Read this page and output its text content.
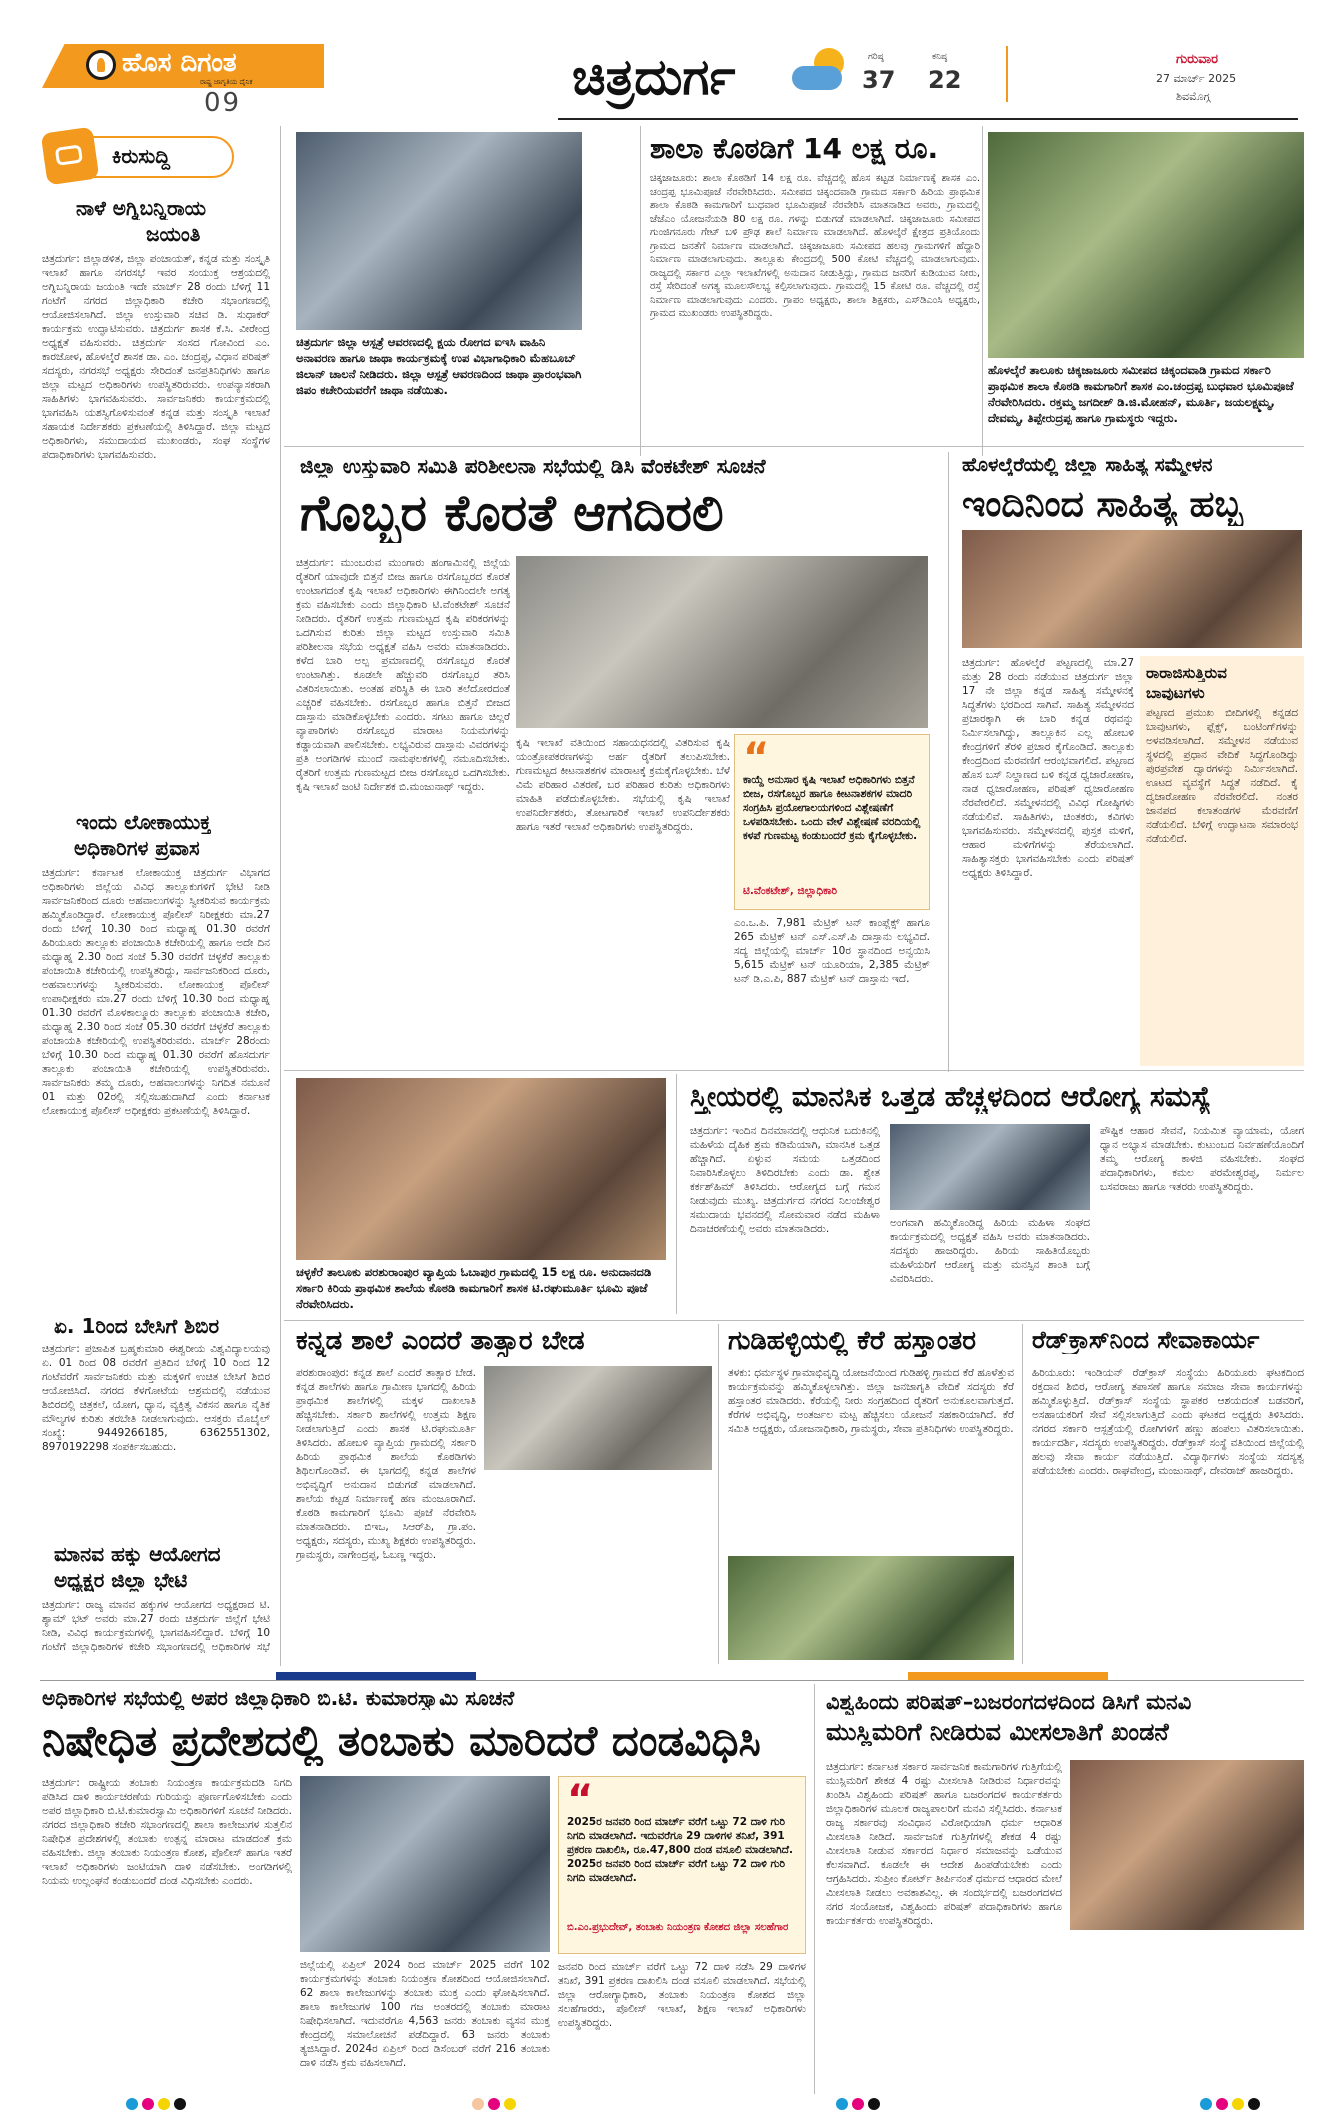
ಹೊಸ ದಿಗಂತ
ರಾಷ್ಟ್ರ ಜಾಗೃತಿಯ ದೈನಿಕ
09	ಚಿತ್ರದುರ್ಗ	ಗರಿಷ್ಠ
37
ಕನಿಷ್ಠ
22
ಗುರುವಾರ
27 ಮಾರ್ಚ್ 2025
ಶಿವಮೊಗ್ಗ
ಕಿರುಸುದ್ದಿ
ನಾಳೆ ಅಗ್ನಿಬನ್ನಿರಾಯ
ಜಯಂತಿ
ಚಿತ್ರದುರ್ಗ: ಜಿಲ್ಲಾಡಳಿತ, ಜಿಲ್ಲಾ ಪಂಚಾಯತ್, ಕನ್ನಡ ಮತ್ತು ಸಂಸ್ಕೃತಿ ಇಲಾಖೆ ಹಾಗೂ ನಗರಸಭೆ ಇವರ ಸಂಯುಕ್ತ ಆಶ್ರಯದಲ್ಲಿ ಅಗ್ನಿಬನ್ನಿರಾಯ ಜಯಂತಿ ಇದೇ ಮಾರ್ಚ್ 28 ರಂದು ಬೆಳಿಗ್ಗೆ 11 ಗಂಟೆಗೆ ನಗರದ ಜಿಲ್ಲಾಧಿಕಾರಿ ಕಚೇರಿ ಸಭಾಂಗಣದಲ್ಲಿ ಆಯೋಜಿಸಲಾಗಿದೆ. ಜಿಲ್ಲಾ ಉಸ್ತುವಾರಿ ಸಚಿವ ಡಿ. ಸುಧಾಕರ್ ಕಾರ್ಯಕ್ರಮ ಉದ್ಘಾಟಿಸುವರು. ಚಿತ್ರದುರ್ಗ ಶಾಸಕ ಕೆ.ಸಿ. ವೀರೇಂದ್ರ ಅಧ್ಯಕ್ಷತೆ ವಹಿಸುವರು. ಚಿತ್ರದುರ್ಗ ಸಂಸದ ಗೋವಿಂದ ಎಂ. ಕಾರಜೋಳ, ಹೊಳಲ್ಕೆರೆ ಶಾಸಕ ಡಾ. ಎಂ. ಚಂದ್ರಪ್ಪ, ವಿಧಾನ ಪರಿಷತ್ ಸದಸ್ಯರು, ನಗರಸಭೆ ಅಧ್ಯಕ್ಷರು ಸೇರಿದಂತೆ ಜನಪ್ರತಿನಿಧಿಗಳು ಹಾಗೂ ಜಿಲ್ಲಾ ಮಟ್ಟದ ಅಧಿಕಾರಿಗಳು ಉಪಸ್ಥಿತರಿರುವರು. ಉಪನ್ಯಾಸಕರಾಗಿ ಸಾಹಿತಿಗಳು ಭಾಗವಹಿಸುವರು. ಸಾರ್ವಜನಿಕರು ಕಾರ್ಯಕ್ರಮದಲ್ಲಿ ಭಾಗವಹಿಸಿ ಯಶಸ್ವಿಗೊಳಿಸುವಂತೆ ಕನ್ನಡ ಮತ್ತು ಸಂಸ್ಕೃತಿ ಇಲಾಖೆ ಸಹಾಯಕ ನಿರ್ದೇಶಕರು ಪ್ರಕಟಣೆಯಲ್ಲಿ ತಿಳಿಸಿದ್ದಾರೆ. ಜಿಲ್ಲಾ ಮಟ್ಟದ ಅಧಿಕಾರಿಗಳು, ಸಮುದಾಯದ ಮುಖಂಡರು, ಸಂಘ ಸಂಸ್ಥೆಗಳ ಪದಾಧಿಕಾರಿಗಳು ಭಾಗವಹಿಸುವರು.
ಇಂದು ಲೋಕಾಯುಕ್ತ
ಅಧಿಕಾರಿಗಳ ಪ್ರವಾಸ
ಚಿತ್ರದುರ್ಗ: ಕರ್ನಾಟಕ ಲೋಕಾಯುಕ್ತ ಚಿತ್ರದುರ್ಗ ವಿಭಾಗದ ಅಧಿಕಾರಿಗಳು ಜಿಲ್ಲೆಯ ವಿವಿಧ ತಾಲ್ಲೂಕುಗಳಿಗೆ ಭೇಟಿ ನೀಡಿ ಸಾರ್ವಜನಿಕರಿಂದ ದೂರು ಅಹವಾಲುಗಳನ್ನು ಸ್ವೀಕರಿಸುವ ಕಾರ್ಯಕ್ರಮ ಹಮ್ಮಿಕೊಂಡಿದ್ದಾರೆ. ಲೋಕಾಯುಕ್ತ ಪೊಲೀಸ್ ನಿರೀಕ್ಷಕರು ಮಾ.27 ರಂದು ಬೆಳಿಗ್ಗೆ 10.30 ರಿಂದ ಮಧ್ಯಾಹ್ನ 01.30 ರವರೆಗೆ ಹಿರಿಯೂರು ತಾಲ್ಲೂಕು ಪಂಚಾಯಿತಿ ಕಚೇರಿಯಲ್ಲಿ ಹಾಗೂ ಅದೇ ದಿನ ಮಧ್ಯಾಹ್ನ 2.30 ರಿಂದ ಸಂಜೆ 5.30 ರವರೆಗೆ ಚಳ್ಳಕೆರೆ ತಾಲ್ಲೂಕು ಪಂಚಾಯಿತಿ ಕಚೇರಿಯಲ್ಲಿ ಉಪಸ್ಥಿತರಿದ್ದು, ಸಾರ್ವಜನಿಕರಿಂದ ದೂರು, ಅಹವಾಲುಗಳನ್ನು ಸ್ವೀಕರಿಸುವರು. ಲೋಕಾಯುಕ್ತ ಪೊಲೀಸ್ ಉಪಾಧೀಕ್ಷಕರು ಮಾ.27 ರಂದು ಬೆಳಿಗ್ಗೆ 10.30 ರಿಂದ ಮಧ್ಯಾಹ್ನ 01.30 ರವರೆಗೆ ಮೊಳಕಾಲ್ಮೂರು ತಾಲ್ಲೂಕು ಪಂಚಾಯಿತಿ ಕಚೇರಿ, ಮಧ್ಯಾಹ್ನ 2.30 ರಿಂದ ಸಂಜೆ 05.30 ರವರೆಗೆ ಚಳ್ಳಕೆರೆ ತಾಲ್ಲೂಕು ಪಂಚಾಯತಿ ಕಚೇರಿಯಲ್ಲಿ ಉಪಸ್ಥಿತರಿರುವರು. ಮಾರ್ಚ್ 28ರಂದು ಬೆಳಿಗ್ಗೆ 10.30 ರಿಂದ ಮಧ್ಯಾಹ್ನ 01.30 ರವರೆಗೆ ಹೊಸದುರ್ಗ ತಾಲ್ಲೂಕು ಪಂಚಾಯಿತಿ ಕಚೇರಿಯಲ್ಲಿ ಉಪಸ್ಥಿತರಿರುವರು. ಸಾರ್ವಜನಿಕರು ತಮ್ಮ ದೂರು, ಅಹವಾಲುಗಳನ್ನು ನಿಗದಿತ ನಮೂನೆ 01 ಮತ್ತು 02ರಲ್ಲಿ ಸಲ್ಲಿಸಬಹುದಾಗಿದೆ ಎಂದು ಕರ್ನಾಟಕ ಲೋಕಾಯುಕ್ತ ಪೊಲೀಸ್ ಅಧೀಕ್ಷಕರು ಪ್ರಕಟಣೆಯಲ್ಲಿ ತಿಳಿಸಿದ್ದಾರೆ.
ಏ. 1ರಿಂದ ಬೇಸಿಗೆ ಶಿಬಿರ
ಚಿತ್ರದುರ್ಗ: ಪ್ರಜಾಪಿತ ಬ್ರಹ್ಮಕುಮಾರಿ ಈಶ್ವರೀಯ ವಿಶ್ವವಿದ್ಯಾಲಯವು ಏ. 01 ರಿಂದ 08 ರವರೆಗೆ ಪ್ರತಿದಿನ ಬೆಳಿಗ್ಗೆ 10 ರಿಂದ 12 ಗಂಟೆವರೆಗೆ ಸಾರ್ವಜನಿಕರು ಮತ್ತು ಮಕ್ಕಳಿಗೆ ಉಚಿತ ಬೇಸಿಗೆ ಶಿಬಿರ ಆಯೋಜಿಸಿದೆ. ನಗರದ ಕೆಳಗೋಟೆಯ ಆಶ್ರಮದಲ್ಲಿ ನಡೆಯುವ ಶಿಬಿರದಲ್ಲಿ ಚಿತ್ರಕಲೆ, ಯೋಗ, ಧ್ಯಾನ, ವ್ಯಕ್ತಿತ್ವ ವಿಕಸನ ಹಾಗೂ ನೈತಿಕ ಮೌಲ್ಯಗಳ ಕುರಿತು ತರಬೇತಿ ನೀಡಲಾಗುವುದು. ಆಸಕ್ತರು ಮೊಬೈಲ್ ಸಂಖ್ಯೆ: 9449266185, 6362551302, 8970192298 ಸಂಪರ್ಕಿಸಬಹುದು.
ಮಾನವ ಹಕ್ಕು ಆಯೋಗದ
ಅಧ್ಯಕ್ಷರ ಜಿಲ್ಲಾ ಭೇಟಿ
ಚಿತ್ರದುರ್ಗ: ರಾಜ್ಯ ಮಾನವ ಹಕ್ಕುಗಳ ಆಯೋಗದ ಅಧ್ಯಕ್ಷರಾದ ಟಿ. ಶ್ಯಾಮ್ ಭಟ್ ಅವರು ಮಾ.27 ರಂದು ಚಿತ್ರದುರ್ಗ ಜಿಲ್ಲೆಗೆ ಭೇಟಿ ನೀಡಿ, ವಿವಿಧ ಕಾರ್ಯಕ್ರಮಗಳಲ್ಲಿ ಭಾಗವಹಿಸಲಿದ್ದಾರೆ. ಬೆಳಿಗ್ಗೆ 10 ಗಂಟೆಗೆ ಜಿಲ್ಲಾಧಿಕಾರಿಗಳ ಕಚೇರಿ ಸಭಾಂಗಣದಲ್ಲಿ ಅಧಿಕಾರಿಗಳ ಸಭೆ
ಚಿತ್ರದುರ್ಗ ಜಿಲ್ಲಾ ಆಸ್ಪತ್ರೆ ಆವರಣದಲ್ಲಿ ಕ್ಷಯ ರೋಗದ ಐಇಸಿ ವಾಹಿನಿ ಅನಾವರಣ ಹಾಗೂ ಜಾಥಾ ಕಾರ್ಯಕ್ರಮಕ್ಕೆ ಉಪ ವಿಭಾಗಾಧಿಕಾರಿ ಮೆಹಬೂಬ್ ಜಿಲಾನ್ ಚಾಲನೆ ನೀಡಿದರು. ಜಿಲ್ಲಾ ಆಸ್ಪತ್ರೆ ಆವರಣದಿಂದ ಜಾಥಾ ಪ್ರಾರಂಭವಾಗಿ ಜಿಪಂ ಕಚೇರಿಯವರೆಗೆ ಜಾಥಾ ನಡೆಯಿತು.
ಶಾಲಾ ಕೊಠಡಿಗೆ 14 ಲಕ್ಷ ರೂ.
ಚಿಕ್ಕಜಾಜೂರು: ಶಾಲಾ ಕೊಠಡಿಗೆ 14 ಲಕ್ಷ ರೂ. ವೆಚ್ಚದಲ್ಲಿ ಹೊಸ ಕಟ್ಟಡ ನಿರ್ಮಾಣಕ್ಕೆ ಶಾಸಕ ಎಂ. ಚಂದ್ರಪ್ಪ ಭೂಮಿಪೂಜೆ ನೆರವೇರಿಸಿದರು. ಸಮೀಪದ ಚಿಕ್ಕಂದವಾಡಿ ಗ್ರಾಮದ ಸರ್ಕಾರಿ ಹಿರಿಯ ಪ್ರಾಥಮಿಕ ಶಾಲಾ ಕೊಠಡಿ ಕಾಮಗಾರಿಗೆ ಬುಧವಾರ ಭೂಮಿಪೂಜೆ ನೆರವೇರಿಸಿ ಮಾತನಾಡಿದ ಅವರು, ಗ್ರಾಮದಲ್ಲಿ ಜೆಜೆಎಂ ಯೋಜನೆಯಡಿ 80 ಲಕ್ಷ ರೂ. ಗಳನ್ನು ಬಿಡುಗಡೆ ಮಾಡಲಾಗಿದೆ. ಚಿಕ್ಕಜಾಜೂರು ಸಮೀಪದ ಗುಂಜಿಗನೂರು ಗೇಟ್ ಬಳಿ ಪ್ರೌಢ ಶಾಲೆ ನಿರ್ಮಾಣ ಮಾಡಲಾಗಿದೆ. ಹೊಳಲ್ಕೆರೆ ಕ್ಷೇತ್ರದ ಪ್ರತಿಯೊಂದು ಗ್ರಾಮದ ಜನತೆಗೆ ನಿರ್ಮಾಣ ಮಾಡಲಾಗಿದೆ. ಚಿಕ್ಕಜಾಜೂರು ಸಮೀಪದ ಹಲವು ಗ್ರಾಮಗಳಿಗೆ ಹೆದ್ದಾರಿ ನಿರ್ಮಾಣ ಮಾಡಲಾಗುವುದು. ತಾಲ್ಲೂಕು ಕೇಂದ್ರದಲ್ಲಿ 500 ಕೋಟಿ ವೆಚ್ಚದಲ್ಲಿ ಮಾಡಲಾಗುವುದು. ರಾಜ್ಯದಲ್ಲಿ ಸರ್ಕಾರ ಎಲ್ಲಾ ಇಲಾಖೆಗಳಲ್ಲಿ ಅನುದಾನ ನೀಡುತ್ತಿದ್ದು, ಗ್ರಾಮದ ಜನರಿಗೆ ಕುಡಿಯುವ ನೀರು, ರಸ್ತೆ ಸೇರಿದಂತೆ ಅಗತ್ಯ ಮೂಲಸೌಲಭ್ಯ ಕಲ್ಪಿಸಲಾಗುವುದು. ಗ್ರಾಮದಲ್ಲಿ 15 ಕೋಟಿ ರೂ. ವೆಚ್ಚದಲ್ಲಿ ರಸ್ತೆ ನಿರ್ಮಾಣ ಮಾಡಲಾಗುವುದು ಎಂದರು. ಗ್ರಾಪಂ ಅಧ್ಯಕ್ಷರು, ಶಾಲಾ ಶಿಕ್ಷಕರು, ಎಸ್‌ಡಿಎಂಸಿ ಅಧ್ಯಕ್ಷರು, ಗ್ರಾಮದ ಮುಖಂಡರು ಉಪಸ್ಥಿತರಿದ್ದರು.
ಹೊಳಲ್ಕೆರೆ ತಾಲೂಕು ಚಿಕ್ಕಜಾಜೂರು ಸಮೀಪದ ಚಿಕ್ಕಂದವಾಡಿ ಗ್ರಾಮದ ಸರ್ಕಾರಿ ಪ್ರಾಥಮಿಕ ಶಾಲಾ ಕೊಠಡಿ ಕಾಮಗಾರಿಗೆ ಶಾಸಕ ಎಂ.ಚಂದ್ರಪ್ಪ ಬುಧವಾರ ಭೂಮಿಪೂಜೆ ನೆರವೇರಿಸಿದರು. ರಕ್ತಮ್ಮ ಜಗದೀಶ್ ಡಿ.ಜಿ.ಮೋಹನ್, ಮೂರ್ತಿ, ಜಯಲಕ್ಷ್ಮಮ್ಮ, ದೇವಮ್ಮ, ತಿಪ್ಪೇರುದ್ರಪ್ಪ ಹಾಗೂ ಗ್ರಾಮಸ್ಥರು ಇದ್ದರು.
ಜಿಲ್ಲಾ ಉಸ್ತುವಾರಿ ಸಮಿತಿ ಪರಿಶೀಲನಾ ಸಭೆಯಲ್ಲಿ ಡಿಸಿ ವೆಂಕಟೇಶ್ ಸೂಚನೆ
ಗೊಬ್ಬರ ಕೊರತೆ ಆಗದಿರಲಿ
ಚಿತ್ರದುರ್ಗ: ಮುಂಬರುವ ಮುಂಗಾರು ಹಂಗಾಮಿನಲ್ಲಿ ಜಿಲ್ಲೆಯ ರೈತರಿಗೆ ಯಾವುದೇ ಬಿತ್ತನೆ ಬೀಜ ಹಾಗೂ ರಸಗೊಬ್ಬರದ ಕೊರತೆ ಉಂಟಾಗದಂತೆ ಕೃಷಿ ಇಲಾಖೆ ಅಧಿಕಾರಿಗಳು ಈಗಿನಿಂದಲೇ ಅಗತ್ಯ ಕ್ರಮ ವಹಿಸಬೇಕು ಎಂದು ಜಿಲ್ಲಾಧಿಕಾರಿ ಟಿ.ವೆಂಕಟೇಶ್ ಸೂಚನೆ ನೀಡಿದರು. ರೈತರಿಗೆ ಉತ್ತಮ ಗುಣಮಟ್ಟದ ಕೃಷಿ ಪರಿಕರಗಳನ್ನು ಒದಗಿಸುವ ಕುರಿತು ಜಿಲ್ಲಾ ಮಟ್ಟದ ಉಸ್ತುವಾರಿ ಸಮಿತಿ ಪರಿಶೀಲನಾ ಸಭೆಯ ಅಧ್ಯಕ್ಷತೆ ವಹಿಸಿ ಅವರು ಮಾತನಾಡಿದರು. ಕಳೆದ ಬಾರಿ ಅಲ್ಪ ಪ್ರಮಾಣದಲ್ಲಿ ರಸಗೊಬ್ಬರ ಕೊರತೆ ಉಂಟಾಗಿತ್ತು. ಕೂಡಲೇ ಹೆಚ್ಚುವರಿ ರಸಗೊಬ್ಬರ ತರಿಸಿ ವಿತರಿಸಲಾಯಿತು. ಅಂತಹ ಪರಿಸ್ಥಿತಿ ಈ ಬಾರಿ ತಲೆದೋರದಂತೆ ಎಚ್ಚರಿಕೆ ವಹಿಸಬೇಕು. ರಸಗೊಬ್ಬರ ಹಾಗೂ ಬಿತ್ತನೆ ಬೀಜದ ದಾಸ್ತಾನು ಮಾಡಿಕೊಳ್ಳಬೇಕು ಎಂದರು. ಸಗಟು ಹಾಗೂ ಚಿಲ್ಲರೆ ವ್ಯಾಪಾರಿಗಳು ರಸಗೊಬ್ಬರ ಮಾರಾಟ ನಿಯಮಗಳನ್ನು ಕಡ್ಡಾಯವಾಗಿ ಪಾಲಿಸಬೇಕು. ಲಭ್ಯವಿರುವ ದಾಸ್ತಾನು ವಿವರಗಳನ್ನು ಪ್ರತಿ ಅಂಗಡಿಗಳ ಮುಂದೆ ನಾಮಫಲಕಗಳಲ್ಲಿ ನಮೂದಿಸಬೇಕು. ರೈತರಿಗೆ ಉತ್ತಮ ಗುಣಮಟ್ಟದ ಬೀಜ ರಸಗೊಬ್ಬರ ಒದಗಿಸಬೇಕು. ಕೃಷಿ ಇಲಾಖೆ ಜಂಟಿ ನಿರ್ದೇಶಕ ಬಿ.ಮಂಜುನಾಥ್ ಇದ್ದರು.
ಕೃಷಿ ಇಲಾಖೆ ವತಿಯಿಂದ ಸಹಾಯಧನದಲ್ಲಿ ವಿತರಿಸುವ ಕೃಷಿ ಯಂತ್ರೋಪಕರಣಗಳನ್ನು ಅರ್ಹ ರೈತರಿಗೆ ತಲುಪಿಸಬೇಕು. ಗುಣಮಟ್ಟದ ಕೀಟನಾಶಕಗಳ ಮಾರಾಟಕ್ಕೆ ಕ್ರಮಕೈಗೊಳ್ಳಬೇಕು. ಬೆಳೆ ವಿಮೆ ಪರಿಹಾರ ವಿತರಣೆ, ಬರ ಪರಿಹಾರ ಕುರಿತು ಅಧಿಕಾರಿಗಳು ಮಾಹಿತಿ ಪಡೆದುಕೊಳ್ಳಬೇಕು. ಸಭೆಯಲ್ಲಿ ಕೃಷಿ ಇಲಾಖೆ ಉಪನಿರ್ದೇಶಕರು, ತೋಟಗಾರಿಕೆ ಇಲಾಖೆ ಉಪನಿರ್ದೇಶಕರು ಹಾಗೂ ಇತರೆ ಇಲಾಖೆ ಅಧಿಕಾರಿಗಳು ಉಪಸ್ಥಿತರಿದ್ದರು.
“
ಕಾಯ್ದೆ ಅನುಸಾರ ಕೃಷಿ ಇಲಾಖೆ ಅಧಿಕಾರಿಗಳು ಬಿತ್ತನೆ ಬೀಜ, ರಸಗೊಬ್ಬರ ಹಾಗೂ ಕೀಟನಾಶಕಗಳ ಮಾದರಿ ಸಂಗ್ರಹಿಸಿ ಪ್ರಯೋಗಾಲಯಗಳಿಂದ ವಿಶ್ಲೇಷಣೆಗೆ ಒಳಪಡಿಸಬೇಕು. ಒಂದು ವೇಳೆ ವಿಶ್ಲೇಷಣೆ ವರದಿಯಲ್ಲಿ ಕಳಪೆ ಗುಣಮಟ್ಟ ಕಂಡುಬಂದರೆ ಕ್ರಮ ಕೈಗೊಳ್ಳಬೇಕು.
ಟಿ.ವೆಂಕಟೇಶ್, ಜಿಲ್ಲಾಧಿಕಾರಿ
ಎಂ.ಒ.ಪಿ. 7,981 ಮೆಟ್ರಿಕ್ ಟನ್ ಕಾಂಪ್ಲೆಕ್ಸ್ ಹಾಗೂ 265 ಮೆಟ್ರಿಕ್ ಟನ್ ಎಸ್.ಎಸ್.ಪಿ ದಾಸ್ತಾನು ಲಭ್ಯವಿದೆ. ಸದ್ಯ ಜಿಲ್ಲೆಯಲ್ಲಿ ಮಾರ್ಚ್ 10ರ ಸ್ಥಾನದಿಂದ ಅನ್ವಯಿಸಿ 5,615 ಮೆಟ್ರಿಕ್ ಟನ್ ಯೂರಿಯಾ, 2,385 ಮೆಟ್ರಿಕ್ ಟನ್ ಡಿ.ಎ.ಪಿ, 887 ಮೆಟ್ರಿಕ್ ಟನ್ ದಾಸ್ತಾನು ಇದೆ.
ಹೊಳಲ್ಕೆರೆಯಲ್ಲಿ ಜಿಲ್ಲಾ ಸಾಹಿತ್ಯ ಸಮ್ಮೇಳನ
ಇಂದಿನಿಂದ ಸಾಹಿತ್ಯ ಹಬ್ಬ
ಚಿತ್ರದುರ್ಗ: ಹೊಳಲ್ಕೆರೆ ಪಟ್ಟಣದಲ್ಲಿ ಮಾ.27 ಮತ್ತು 28 ರಂದು ನಡೆಯುವ ಚಿತ್ರದುರ್ಗ ಜಿಲ್ಲಾ 17 ನೇ ಜಿಲ್ಲಾ ಕನ್ನಡ ಸಾಹಿತ್ಯ ಸಮ್ಮೇಳನಕ್ಕೆ ಸಿದ್ಧತೆಗಳು ಭರದಿಂದ ಸಾಗಿವೆ. ಸಾಹಿತ್ಯ ಸಮ್ಮೇಳನದ ಪ್ರಚಾರಕ್ಕಾಗಿ ಈ ಬಾರಿ ಕನ್ನಡ ರಥವನ್ನು ನಿರ್ಮಿಸಲಾಗಿದ್ದು, ತಾಲ್ಲೂಕಿನ ಎಲ್ಲ ಹೋಬಳಿ ಕೇಂದ್ರಗಳಿಗೆ ತೆರಳಿ ಪ್ರಚಾರ ಕೈಗೊಂಡಿದೆ. ತಾಲ್ಲೂಕು ಕೇಂದ್ರದಿಂದ ಮೆರವಣಿಗೆ ಆರಂಭವಾಗಲಿದೆ. ಪಟ್ಟಣದ ಹೊಸ ಬಸ್ ನಿಲ್ದಾಣದ ಬಳಿ ಕನ್ನಡ ಧ್ವಜಾರೋಹಣ, ನಾಡ ಧ್ವಜಾರೋಹಣ, ಪರಿಷತ್ ಧ್ವಜಾರೋಹಣ ನೆರವೇರಲಿದೆ. ಸಮ್ಮೇಳನದಲ್ಲಿ ವಿವಿಧ ಗೋಷ್ಠಿಗಳು ನಡೆಯಲಿವೆ. ಸಾಹಿತಿಗಳು, ಚಿಂತಕರು, ಕವಿಗಳು ಭಾಗವಹಿಸುವರು. ಸಮ್ಮೇಳನದಲ್ಲಿ ಪುಸ್ತಕ ಮಳಿಗೆ, ಆಹಾರ ಮಳಿಗೆಗಳನ್ನು ತೆರೆಯಲಾಗಿದೆ. ಸಾಹಿತ್ಯಾಸಕ್ತರು ಭಾಗವಹಿಸಬೇಕು ಎಂದು ಪರಿಷತ್ ಅಧ್ಯಕ್ಷರು ತಿಳಿಸಿದ್ದಾರೆ.
ರಾರಾಜಿಸುತ್ತಿರುವ
ಬಾವುಟಗಳು
ಪಟ್ಟಣದ ಪ್ರಮುಖ ಬೀದಿಗಳಲ್ಲಿ ಕನ್ನಡದ ಬಾವುಟಗಳು, ಫ್ಲೆಕ್ಸ್, ಬಂಟಿಂಗ್‌ಗಳನ್ನು ಅಳವಡಿಸಲಾಗಿದೆ. ಸಮ್ಮೇಳನ ನಡೆಯುವ ಸ್ಥಳದಲ್ಲಿ ಪ್ರಧಾನ ವೇದಿಕೆ ಸಿದ್ಧಗೊಂಡಿದ್ದು ಪುರಪ್ರವೇಶ ದ್ವಾರಗಳನ್ನು ನಿರ್ಮಿಸಲಾಗಿದೆ. ಊಟದ ವ್ಯವಸ್ಥೆಗೆ ಸಿದ್ಧತೆ ನಡೆದಿದೆ. ಕೈ ದ್ವಜಾರೋಹಣ ನೆರವೇರಲಿದೆ. ನಂತರ ಜಾನಪದ ಕಲಾತಂಡಗಳ ಮೆರವಣಿಗೆ ನಡೆಯಲಿದೆ. ಬೆಳಿಗ್ಗೆ ಉದ್ಘಾಟನಾ ಸಮಾರಂಭ ನಡೆಯಲಿದೆ.
ಚಳ್ಳಕೆರೆ ತಾಲೂಕು ಪರಶುರಾಂಪುರ ವ್ಯಾಪ್ತಿಯ ಓಬಾಪುರ ಗ್ರಾಮದಲ್ಲಿ 15 ಲಕ್ಷ ರೂ. ಅನುದಾನದಡಿ ಸರ್ಕಾರಿ ಕಿರಿಯ ಪ್ರಾಥಮಿಕ ಶಾಲೆಯ ಕೊಠಡಿ ಕಾಮಗಾರಿಗೆ ಶಾಸಕ ಟಿ.ರಘುಮೂರ್ತಿ ಭೂಮಿ ಪೂಜೆ ನೆರವೇರಿಸಿದರು.
ಸ್ತ್ರೀಯರಲ್ಲಿ ಮಾನಸಿಕ ಒತ್ತಡ ಹೆಚ್ಚಳದಿಂದ ಆರೋಗ್ಯ ಸಮಸ್ಯೆ
ಚಿತ್ರದುರ್ಗ: ಇಂದಿನ ದಿನಮಾನದಲ್ಲಿ ಆಧುನಿಕ ಬದುಕಿನಲ್ಲಿ ಮಹಿಳೆಯ ದೈಹಿಕ ಶ್ರಮ ಕಡಿಮೆಯಾಗಿ, ಮಾನಸಿಕ ಒತ್ತಡ ಹೆಚ್ಚಾಗಿದೆ. ಏಳ್ಳುವ ಸಮಯ ಒತ್ತಡದಿಂದ ನಿವಾರಿಸಿಕೊಳ್ಳಲು ತಿಳಿದಿರಬೇಕು ಎಂದು ಡಾ. ಶ್ವೇತ ಕರ್ಕಶ್‌ಹಿಮ್ ತಿಳಿಸಿದರು. ಆರೋಗ್ಯದ ಬಗ್ಗೆ ಗಮನ ನೀಡುವುದು ಮುಖ್ಯ. ಚಿತ್ರದುರ್ಗದ ನಗರದ ನಿಲಂಜೇಶ್ವರ ಸಮುದಾಯ ಭವನದಲ್ಲಿ ಸೋಮವಾರ ನಡೆದ ಮಹಿಳಾ ದಿನಾಚರಣೆಯಲ್ಲಿ ಅವರು ಮಾತನಾಡಿದರು.	ಅಂಗವಾಗಿ ಹಮ್ಮಿಕೊಂಡಿದ್ದ ಹಿರಿಯ ಮಹಿಳಾ ಸಂಘದ ಕಾರ್ಯಕ್ರಮದಲ್ಲಿ ಅಧ್ಯಕ್ಷತೆ ವಹಿಸಿ ಅವರು ಮಾತನಾಡಿದರು. ಸದಸ್ಯರು ಹಾಜರಿದ್ದರು. ಹಿರಿಯ ಸಾಹಿತಿಯೊಬ್ಬರು ಮಹಿಳೆಯರಿಗೆ ಆರೋಗ್ಯ ಮತ್ತು ಮನಸ್ಸಿನ ಶಾಂತಿ ಬಗ್ಗೆ ವಿವರಿಸಿದರು.
ಪೌಷ್ಟಿಕ ಆಹಾರ ಸೇವನೆ, ನಿಯಮಿತ ವ್ಯಾಯಾಮ, ಯೋಗ ಧ್ಯಾನ ಅಭ್ಯಾಸ ಮಾಡಬೇಕು. ಕುಟುಂಬದ ನಿರ್ವಹಣೆಯೊಂದಿಗೆ ತಮ್ಮ ಆರೋಗ್ಯ ಕಾಳಜಿ ವಹಿಸಬೇಕು. ಸಂಘದ ಪದಾಧಿಕಾರಿಗಳು, ಕಮಲ ಪರಮೇಶ್ವರಪ್ಪ, ನಿರ್ಮಲ ಬಸವರಾಜು ಹಾಗೂ ಇತರರು ಉಪಸ್ಥಿತರಿದ್ದರು.
ಕನ್ನಡ ಶಾಲೆ ಎಂದರೆ ತಾತ್ಸಾರ ಬೇಡ
ಪರಶುರಾಂಪುರ: ಕನ್ನಡ ಶಾಲೆ ಎಂದರೆ ತಾತ್ಸಾರ ಬೇಡ. ಕನ್ನಡ ಶಾಲೆಗಳು ಹಾಗೂ ಗ್ರಾಮೀಣ ಭಾಗದಲ್ಲಿ ಹಿರಿಯ ಪ್ರಾಥಮಿಕ ಶಾಲೆಗಳಲ್ಲಿ ಮಕ್ಕಳ ದಾಖಲಾತಿ ಹೆಚ್ಚಿಸಬೇಕು. ಸರ್ಕಾರಿ ಶಾಲೆಗಳಲ್ಲಿ ಉತ್ತಮ ಶಿಕ್ಷಣ ನೀಡಲಾಗುತ್ತಿದೆ ಎಂದು ಶಾಸಕ ಟಿ.ರಘುಮೂರ್ತಿ ತಿಳಿಸಿದರು. ಹೋಬಳಿ ವ್ಯಾಪ್ತಿಯ ಗ್ರಾಮದಲ್ಲಿ ಸರ್ಕಾರಿ ಹಿರಿಯ ಪ್ರಾಥಮಿಕ ಶಾಲೆಯ ಕೊಠಡಿಗಳು ಶಿಥಿಲಗೊಂಡಿವೆ. ಈ ಭಾಗದಲ್ಲಿ ಕನ್ನಡ ಶಾಲೆಗಳ ಅಭಿವೃದ್ಧಿಗೆ ಅನುದಾನ ಬಿಡುಗಡೆ ಮಾಡಲಾಗಿದೆ. ಶಾಲೆಯ ಕಟ್ಟಡ ನಿರ್ಮಾಣಕ್ಕೆ ಹಣ ಮಂಜೂರಾಗಿದೆ. ಕೊಠಡಿ ಕಾಮಗಾರಿಗೆ ಭೂಮಿ ಪೂಜೆ ನೆರವೇರಿಸಿ ಮಾತನಾಡಿದರು. ಬಿಇಒ, ಸಿಆರ್‌ಪಿ, ಗ್ರಾ.ಪಂ. ಅಧ್ಯಕ್ಷರು, ಸದಸ್ಯರು, ಮುಖ್ಯ ಶಿಕ್ಷಕರು ಉಪಸ್ಥಿತರಿದ್ದರು. ಗ್ರಾಮಸ್ಥರು, ನಾಗೇಂದ್ರಪ್ಪ, ಓಬಣ್ಣ ಇದ್ದರು.
ಗುಡಿಹಳ್ಳಿಯಲ್ಲಿ ಕೆರೆ ಹಸ್ತಾಂತರ
ತಳಕು: ಧರ್ಮಸ್ಥಳ ಗ್ರಾಮಾಭಿವೃದ್ಧಿ ಯೋಜನೆಯಿಂದ ಗುಡಿಹಳ್ಳಿ ಗ್ರಾಮದ ಕೆರೆ ಹೂಳೆತ್ತುವ ಕಾರ್ಯಕ್ರಮವನ್ನು ಹಮ್ಮಿಕೊಳ್ಳಲಾಗಿತ್ತು. ಜಿಲ್ಲಾ ಜನಜಾಗೃತಿ ವೇದಿಕೆ ಸದಸ್ಯರು ಕೆರೆ ಹಸ್ತಾಂತರ ಮಾಡಿದರು. ಕೆರೆಯಲ್ಲಿ ನೀರು ಸಂಗ್ರಹದಿಂದ ರೈತರಿಗೆ ಅನುಕೂಲವಾಗುತ್ತದೆ. ಕೆರೆಗಳ ಅಭಿವೃದ್ಧಿ, ಅಂತರ್ಜಲ ಮಟ್ಟ ಹೆಚ್ಚಿಸಲು ಯೋಜನೆ ಸಹಕಾರಿಯಾಗಿದೆ. ಕೆರೆ ಸಮಿತಿ ಅಧ್ಯಕ್ಷರು, ಯೋಜನಾಧಿಕಾರಿ, ಗ್ರಾಮಸ್ಥರು, ಸೇವಾ ಪ್ರತಿನಿಧಿಗಳು ಉಪಸ್ಥಿತರಿದ್ದರು.
ರೆಡ್‌ಕ್ರಾಸ್‌ನಿಂದ ಸೇವಾಕಾರ್ಯ
ಹಿರಿಯೂರು: ಇಂಡಿಯನ್ ರೆಡ್‌ಕ್ರಾಸ್ ಸಂಸ್ಥೆಯು ಹಿರಿಯೂರು ಘಟಕದಿಂದ ರಕ್ತದಾನ ಶಿಬಿರ, ಆರೋಗ್ಯ ತಪಾಸಣೆ ಹಾಗೂ ಸಮಾಜ ಸೇವಾ ಕಾರ್ಯಗಳನ್ನು ಹಮ್ಮಿಕೊಳ್ಳುತ್ತಿದೆ. ರೆಡ್‌ಕ್ರಾಸ್ ಸಂಸ್ಥೆಯ ಸ್ಥಾಪಕರ ಆಶಯದಂತೆ ಬಡವರಿಗೆ, ಅಸಹಾಯಕರಿಗೆ ಸೇವೆ ಸಲ್ಲಿಸಲಾಗುತ್ತಿದೆ ಎಂದು ಘಟಕದ ಅಧ್ಯಕ್ಷರು ತಿಳಿಸಿದರು. ನಗರದ ಸರ್ಕಾರಿ ಆಸ್ಪತ್ರೆಯಲ್ಲಿ ರೋಗಿಗಳಿಗೆ ಹಣ್ಣು ಹಂಪಲು ವಿತರಿಸಲಾಯಿತು. ಕಾರ್ಯದರ್ಶಿ, ಸದಸ್ಯರು ಉಪಸ್ಥಿತರಿದ್ದರು. ರೆಡ್‌ಕ್ರಾಸ್ ಸಂಸ್ಥೆ ವತಿಯಿಂದ ಜಿಲ್ಲೆಯಲ್ಲಿ ಹಲವು ಸೇವಾ ಕಾರ್ಯ ನಡೆಯುತ್ತಿದೆ. ವಿದ್ಯಾರ್ಥಿಗಳು ಸಂಸ್ಥೆಯ ಸದಸ್ಯತ್ವ ಪಡೆಯಬೇಕು ಎಂದರು. ರಾಘವೇಂದ್ರ, ಮಂಜುನಾಥ್, ದೇವರಾಜ್ ಹಾಜರಿದ್ದರು.
ಅಧಿಕಾರಿಗಳ ಸಭೆಯಲ್ಲಿ ಅಪರ ಜಿಲ್ಲಾಧಿಕಾರಿ ಬಿ.ಟಿ. ಕುಮಾರಸ್ವಾಮಿ ಸೂಚನೆ
ನಿಷೇಧಿತ ಪ್ರದೇಶದಲ್ಲಿ ತಂಬಾಕು ಮಾರಿದರೆ ದಂಡವಿಧಿಸಿ
ಚಿತ್ರದುರ್ಗ: ರಾಷ್ಟ್ರೀಯ ತಂಬಾಕು ನಿಯಂತ್ರಣ ಕಾರ್ಯಕ್ರಮದಡಿ ನಿಗದಿ ಪಡಿಸಿದ ದಾಳಿ ಕಾರ್ಯಚರಣೆಯ ಗುರಿಯನ್ನು ಪೂರ್ಣಗೊಳಿಸಬೇಕು ಎಂದು ಅಪರ ಜಿಲ್ಲಾಧಿಕಾರಿ ಬಿ.ಟಿ.ಕುಮಾರಸ್ವಾಮಿ ಅಧಿಕಾರಿಗಳಿಗೆ ಸೂಚನೆ ನೀಡಿದರು. ನಗರದ ಜಿಲ್ಲಾಧಿಕಾರಿ ಕಚೇರಿ ಸಭಾಂಗಣದಲ್ಲಿ ಶಾಲಾ ಕಾಲೇಜುಗಳ ಸುತ್ತಲಿನ ನಿಷೇಧಿತ ಪ್ರದೇಶಗಳಲ್ಲಿ ತಂಬಾಕು ಉತ್ಪನ್ನ ಮಾರಾಟ ಮಾಡದಂತೆ ಕ್ರಮ ವಹಿಸಬೇಕು. ಜಿಲ್ಲಾ ತಂಬಾಕು ನಿಯಂತ್ರಣ ಕೋಶ, ಪೊಲೀಸ್ ಹಾಗೂ ಇತರೆ ಇಲಾಖೆ ಅಧಿಕಾರಿಗಳು ಜಂಟಿಯಾಗಿ ದಾಳಿ ನಡೆಸಬೇಕು. ಅಂಗಡಿಗಳಲ್ಲಿ ನಿಯಮ ಉಲ್ಲಂಘನೆ ಕಂಡುಬಂದರೆ ದಂಡ ವಿಧಿಸಬೇಕು ಎಂದರು.
ಜಿಲ್ಲೆಯಲ್ಲಿ ಏಪ್ರಿಲ್ 2024 ರಿಂದ ಮಾರ್ಚ್ 2025 ವರೆಗೆ 102 ಕಾರ್ಯಕ್ರಮಗಳನ್ನು ತಂಬಾಕು ನಿಯಂತ್ರಣ ಕೋಶದಿಂದ ಆಯೋಜಿಸಲಾಗಿದೆ. 62 ಶಾಲಾ ಕಾಲೇಜುಗಳನ್ನು ತಂಬಾಕು ಮುಕ್ತ ಎಂದು ಘೋಷಿಸಲಾಗಿದೆ. ಶಾಲಾ ಕಾಲೇಜುಗಳ 100 ಗಜ ಅಂತರದಲ್ಲಿ ತಂಬಾಕು ಮಾರಾಟ ನಿಷೇಧಿಸಲಾಗಿದೆ. ಇದುವರೆಗೂ 4,563 ಜನರು ತಂಬಾಕು ವ್ಯಸನ ಮುಕ್ತ ಕೇಂದ್ರದಲ್ಲಿ ಸಮಾಲೋಚನೆ ಪಡೆದಿದ್ದಾರೆ. 63 ಜನರು ತಂಬಾಕು ತ್ಯಜಿಸಿದ್ದಾರೆ. 2024ರ ಏಪ್ರಿಲ್ ರಿಂದ ಡಿಸೆಂಬರ್ ವರೆಗೆ 216 ತಂಬಾಕು ದಾಳಿ ನಡೆಸಿ ಕ್ರಮ ವಹಿಸಲಾಗಿದೆ.
“
2025ರ ಜನವರಿ ರಿಂದ ಮಾರ್ಚ್ ವರೆಗೆ ಒಟ್ಟು 72 ದಾಳಿ ಗುರಿ ನಿಗದಿ ಮಾಡಲಾಗಿದೆ. ಇದುವರೆಗೂ 29 ದಾಳಿಗಳ ತನಿಖೆ, 391 ಪ್ರಕರಣ ದಾಖಲಿಸಿ, ರೂ.47,800 ದಂಡ ವಸೂಲಿ ಮಾಡಲಾಗಿದೆ. 2025ರ ಜನವರಿ ರಿಂದ ಮಾರ್ಚ್ ವರೆಗೆ ಒಟ್ಟು 72 ದಾಳಿ ಗುರಿ ನಿಗದಿ ಮಾಡಲಾಗಿದೆ.
ಬಿ.ಎಂ.ಪ್ರಭುದೇವ್, ತಂಬಾಕು ನಿಯಂತ್ರಣ ಕೋಶದ ಜಿಲ್ಲಾ ಸಲಹೆಗಾರ
ಜನವರಿ ರಿಂದ ಮಾರ್ಚ್ ವರೆಗೆ ಒಟ್ಟು 72 ದಾಳಿ ನಡೆಸಿ 29 ದಾಳಿಗಳ ತನಿಖೆ, 391 ಪ್ರಕರಣ ದಾಖಲಿಸಿ ದಂಡ ವಸೂಲಿ ಮಾಡಲಾಗಿದೆ. ಸಭೆಯಲ್ಲಿ ಜಿಲ್ಲಾ ಆರೋಗ್ಯಾಧಿಕಾರಿ, ತಂಬಾಕು ನಿಯಂತ್ರಣ ಕೋಶದ ಜಿಲ್ಲಾ ಸಲಹೆಗಾರರು, ಪೊಲೀಸ್ ಇಲಾಖೆ, ಶಿಕ್ಷಣ ಇಲಾಖೆ ಅಧಿಕಾರಿಗಳು ಉಪಸ್ಥಿತರಿದ್ದರು.
ವಿಶ್ವಹಿಂದು ಪರಿಷತ್–ಬಜರಂಗದಳದಿಂದ ಡಿಸಿಗೆ ಮನವಿ
ಮುಸ್ಲಿಮರಿಗೆ ನೀಡಿರುವ ಮೀಸಲಾತಿಗೆ ಖಂಡನೆ
ಚಿತ್ರದುರ್ಗ: ಕರ್ನಾಟಕ ಸರ್ಕಾರ ಸಾರ್ವಜನಿಕ ಕಾಮಗಾರಿಗಳ ಗುತ್ತಿಗೆಯಲ್ಲಿ ಮುಸ್ಲಿಮರಿಗೆ ಶೇಕಡ 4 ರಷ್ಟು ಮೀಸಲಾತಿ ನೀಡಿರುವ ನಿರ್ಧಾರವನ್ನು ಖಂಡಿಸಿ ವಿಶ್ವಹಿಂದು ಪರಿಷತ್ ಹಾಗೂ ಬಜರಂಗದಳ ಕಾರ್ಯಕರ್ತರು ಜಿಲ್ಲಾಧಿಕಾರಿಗಳ ಮೂಲಕ ರಾಜ್ಯಪಾಲರಿಗೆ ಮನವಿ ಸಲ್ಲಿಸಿದರು. ಕರ್ನಾಟಕ ರಾಜ್ಯ ಸರ್ಕಾರವು ಸಂವಿಧಾನ ವಿರೋಧಿಯಾಗಿ ಧರ್ಮ ಆಧಾರಿತ ಮೀಸಲಾತಿ ನೀಡಿದೆ. ಸಾರ್ವಜನಿಕ ಗುತ್ತಿಗೆಗಳಲ್ಲಿ ಶೇಕಡ 4 ರಷ್ಟು ಮೀಸಲಾತಿ ನೀಡುವ ಸರ್ಕಾರದ ನಿರ್ಧಾರ ಸಮಾಜವನ್ನು ಒಡೆಯುವ ಕೆಲಸವಾಗಿದೆ. ಕೂಡಲೇ ಈ ಆದೇಶ ಹಿಂಪಡೆಯಬೇಕು ಎಂದು ಆಗ್ರಹಿಸಿದರು. ಸುಪ್ರೀಂ ಕೋರ್ಟ್ ತೀರ್ಪಿನಂತೆ ಧರ್ಮದ ಆಧಾರದ ಮೇಲೆ ಮೀಸಲಾತಿ ನೀಡಲು ಅವಕಾಶವಿಲ್ಲ. ಈ ಸಂದರ್ಭದಲ್ಲಿ ಬಜರಂಗದಳದ ನಗರ ಸಂಯೋಜಕ, ವಿಶ್ವಹಿಂದು ಪರಿಷತ್ ಪದಾಧಿಕಾರಿಗಳು ಹಾಗೂ ಕಾರ್ಯಕರ್ತರು ಉಪಸ್ಥಿತರಿದ್ದರು.
